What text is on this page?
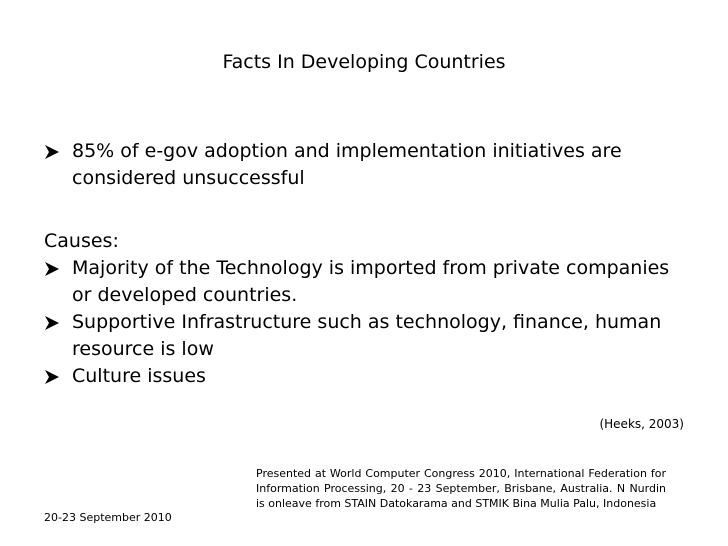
Facts In Developing Countries
85% of e-gov adoption and implementation initiatives are considered unsuccessful
Causes:
Majority of the Technology is imported from private companies or developed countries.
Supportive Infrastructure such as technology, finance, human resource is low
Culture issues
(Heeks, 2003)
Presented at World Computer Congress 2010, International Federation for Information Processing, 20 - 23 September, Brisbane, Australia. N Nurdin is onleave from STAIN Datokarama and STMIK Bina Mulia Palu, Indonesia
20-23 September 2010
